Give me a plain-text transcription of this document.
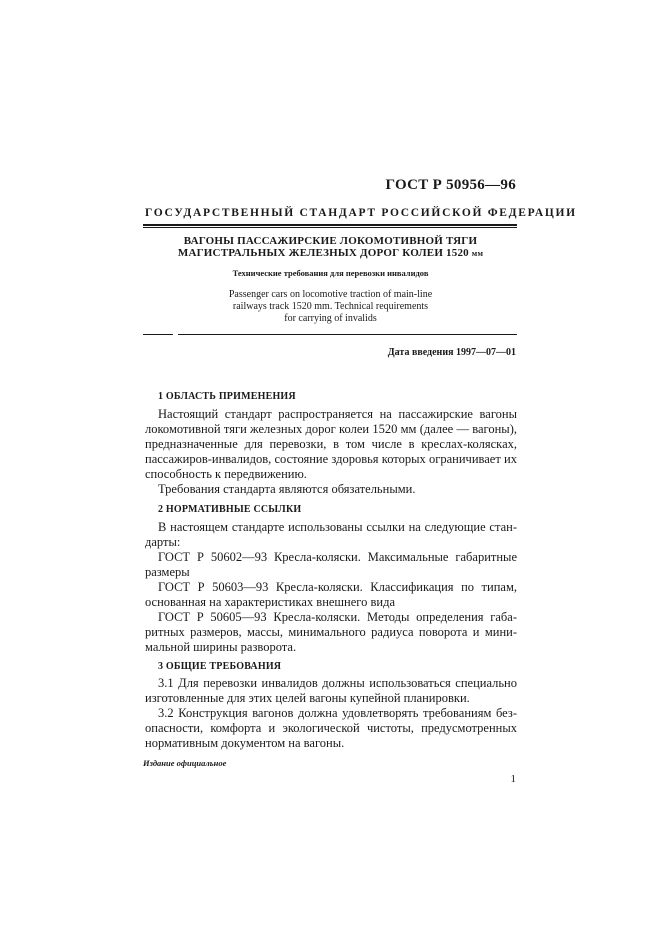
ГОСТ Р 50956—96
ГОСУДАРСТВЕННЫЙ СТАНДАРТ РОССИЙСКОЙ ФЕДЕРАЦИИ
ВАГОНЫ ПАССАЖИРСКИЕ ЛОКОМОТИВНОЙ ТЯГИ
МАГИСТРАЛЬНЫХ ЖЕЛЕЗНЫХ ДОРОГ КОЛЕИ 1520 мм
Технические требования для перевозки инвалидов
Passenger cars on locomotive traction of main-line
railways track 1520 mm. Technical requirements
for carrying of invalids
Дата введения 1997—07—01
1 ОБЛАСТЬ ПРИМЕНЕНИЯ
Настоящий стандарт распространяется на пассажирские вагоны
локомотивной тяги железных дорог колеи 1520 мм (далее — вагоны),
предназначенные для перевозки, в том числе в креслах-колясках,
пассажиров-инвалидов, состояние здоровья которых ограничивает их
способность к передвижению.
Требования стандарта являются обязательными.
2 НОРМАТИВНЫЕ ССЫЛКИ
В настоящем стандарте использованы ссылки на следующие стан-
дарты:
ГОСТ Р 50602—93 Кресла-коляски. Максимальные габаритные
размеры
ГОСТ Р 50603—93 Кресла-коляски. Классификация по типам,
основанная на характеристиках внешнего вида
ГОСТ Р 50605—93 Кресла-коляски. Методы определения габа-
ритных размеров, массы, минимального радиуса поворота и мини-
мальной ширины разворота.
3 ОБЩИЕ ТРЕБОВАНИЯ
3.1 Для перевозки инвалидов должны использоваться специально
изготовленные для этих целей вагоны купейной планировки.
3.2 Конструкция вагонов должна удовлетворять требованиям без-
опасности, комфорта и экологической чистоты, предусмотренных
нормативным документом на вагоны.
Издание официальное
1
